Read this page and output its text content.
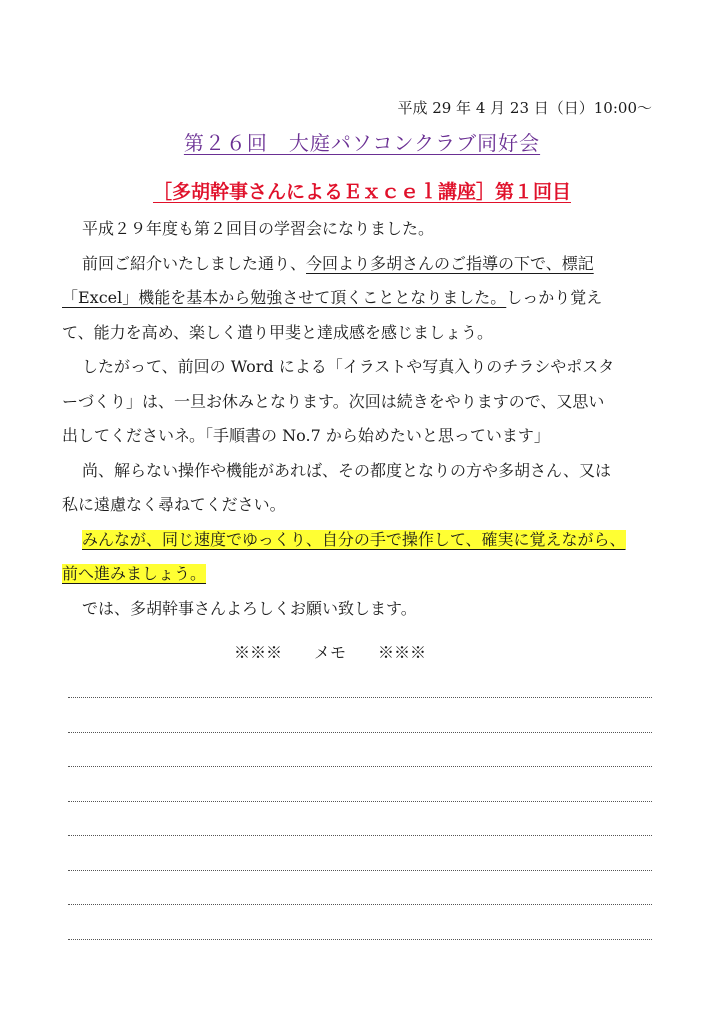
平成 29 年 4 月 23 日（日）10:00～
第２６回　大庭パソコンクラブ同好会
［多胡幹事さんによるＥｘｃｅｌ講座］第１回目

平成２９年度も第２回目の学習会になりました。

前回ご紹介いたしました通り、今回より多胡さんのご指導の下で、標記

「Excel」機能を基本から勉強させて頂くこととなりました。しっかり覚え

て、能力を高め、楽しく遣り甲斐と達成感を感じましょう。

したがって、前回の Word による「イラストや写真入りのチラシやポスタ

ーづくり」は、一旦お休みとなります。次回は続きをやりますので、又思い

出してくださいネ。「手順書の No.7 から始めたいと思っています」

尚、解らない操作や機能があれば、その都度となりの方や多胡さん、又は

私に遠慮なく尋ねてください。

みんなが、同じ速度でゆっくり、自分の手で操作して、確実に覚えながら、

前へ進みましょう。

では、多胡幹事さんよろしくお願い致します。

※※※　　メモ　　※※※
